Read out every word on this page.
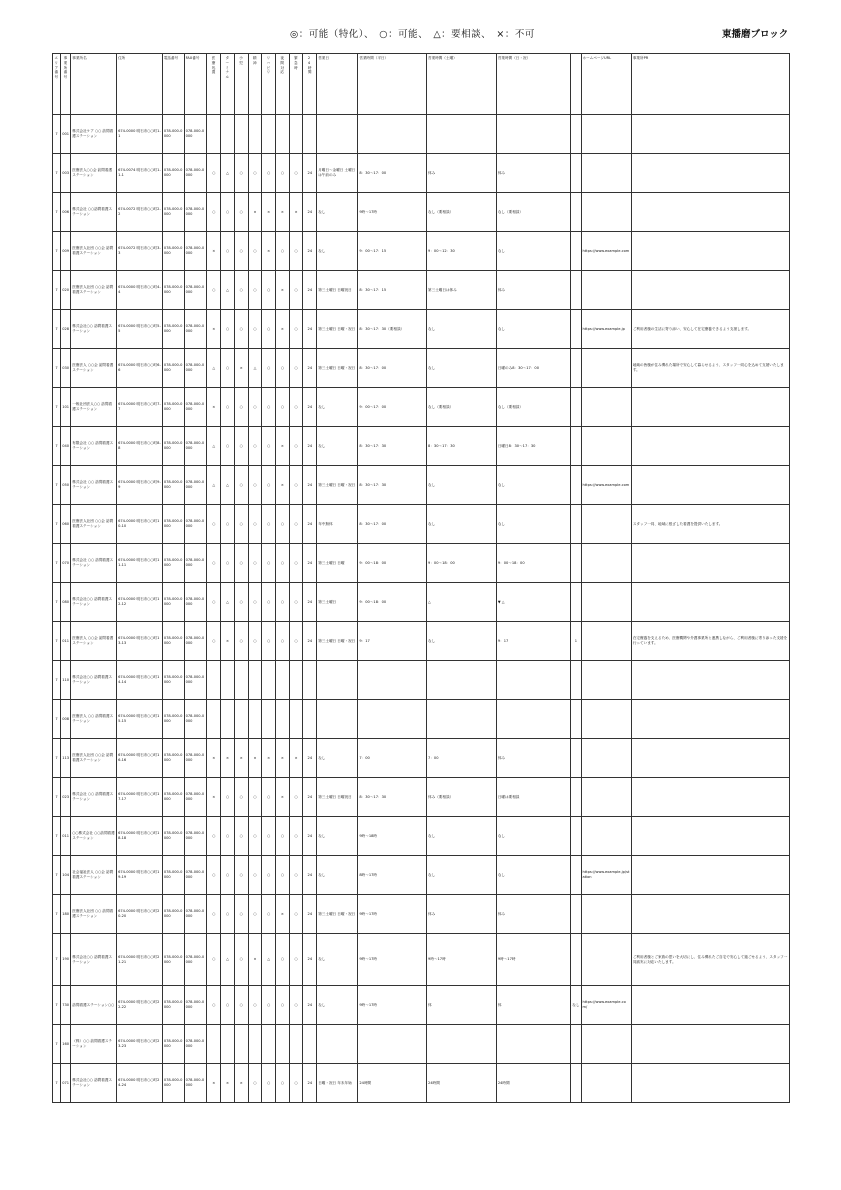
◎：可能（特化）、　○：可能、　△：要相談、　×：不可	東播磨ブロック
エリア番号	事業所番号	事業所名	住所	電話番号	FAX番号	医療処置	ターミナル	小児	精神	リハビリ	夜間対応	緊急時	24時間	営業日	営業時間（平日）	営業時間（土曜）	営業時間（日・祝）		ホームページURL	事業所PR
7	001	株式会社ケア ○○ 訪問看護ステーション	674-0000 明石市○○町1-1	078-000-0000	078-000-0000															
7	003	医療法人○○会 訪問看護ステーション	674-0074 明石市○○町1-1-1	078-000-0000	078-000-0000	○	△	○	○	○	○	○	24	月曜日～金曜日 土曜日は午前のみ	8：30～17：00	休み	休み			
7	006	株式会社 ○○訪問看護ステーション	674-0072 明石市○○町2-2	078-000-0000	078-000-0000	○	○	○	×	×	×	×	24	なし	9時～17時	なし（要相談）	なし（要相談）			
7	009	医療法人社団 ○○会 訪問看護ステーション	674-0072 明石市○○町3-3	078-000-0000	078-000-0000	×	○	○	○	×	○	○	24	なし	9：00～17：15	9：00～12：30	なし		https://www.example.com	
7	020	医療法人社団 ○○会 訪問看護ステーション	674-0000 明石市○○町4-4	078-000-0000	078-000-0000	○	△	○	○	○	×	○	24	第三土曜日 日曜祝日	8：30～17：15	第三土曜日は休み	休み			
7	028	株式会社○○ 訪問看護ステーション	674-0000 明石市○○町5-5	078-000-0000	078-000-0000	×	○	○	○	○	×	○	24	第三土曜日 日曜・祝日	8：30～17：30（要相談）	なし	なし		https://www.example.jp	ご利用者様の生活に寄り添い、安心して在宅療養できるよう支援します。
7	030	医療法人 ○○会 訪問看護ステーション	674-0000 明石市○○町6-6	078-000-0000	078-000-0000	△	○	×	△	○	○	○	24	第三土曜日 日曜・祝日	8：30～17：00	なし	日曜のみ8：30～17：00			地域の皆様が住み慣れた場所で安心して暮らせるよう、スタッフ一同心を込めて支援いたします。
7	101	一般社団法人○○ 訪問看護ステーション	674-0000 明石市○○町7-7	078-000-0000	078-000-0000	×	○	○	○	○	○	○	24	なし	9：00～17：00	なし（要相談）	なし（要相談）			
7	040	有限会社 ○○ 訪問看護ステーション	674-0000 明石市○○町8-8	078-000-0000	078-000-0000	△	○	○	○	○	×	○	24	なし	8：30～17：30	8：30～17：30	日曜日8：30～17：30			
7	050	株式会社 ○○ 訪問看護ステーション	674-0000 明石市○○町9-9	078-000-0000	078-000-0000	△	△	○	○	○	×	○	24	第三土曜日 日曜・祝日	8：30～17：30	なし	なし		https://www.example.com	
7	060	医療法人社団 ○○会 訪問看護ステーション	674-0000 明石市○○町10-10	078-000-0000	078-000-0000	○	○	○	○	○	○	○	24	年中無休	8：30～17：00	なし	なし			スタッフ一同、地域に根ざした看護を提供いたします。
7	070	株式会社 ○○ 訪問看護ステーション	674-0000 明石市○○町11-11	078-000-0000	078-000-0000	○	○	○	○	○	○	○	24	第三土曜日 日曜	9：00～18：00	9：00～18：00	9：00～18：00			
7	080	株式会社○○ 訪問看護ステーション	674-0000 明石市○○町12-12	078-000-0000	078-000-0000	○	△	○	○	○	○	○	24	第三土曜日	9：00～18：00	△	▼ △			
7	011	医療法人 ○○会 訪問看護ステーション	674-0000 明石市○○町13-13	078-000-0000	078-000-0000	○	×	○	○	○	○	○	24	第三土曜日 日曜・祝日	9：17	なし	9：17	1		在宅療養を支えるため、医療機関や介護事業所と連携しながら、ご利用者様に寄り添った支援を行っています。
7	110	株式会社○○ 訪問看護ステーション	674-0000 明石市○○町14-14	078-000-0000	078-000-0000															
7	008	医療法人 ○○ 訪問看護ステーション	674-0000 明石市○○町15-15	078-000-0000	078-000-0000															
7	113	医療法人社団 ○○会 訪問看護ステーション	674-0000 明石市○○町16-16	078-000-0000	078-000-0000	×	×	×	×	×	×	×	24	なし	7：00	7：00	休み			
7	023	株式会社 ○○ 訪問看護ステーション	674-0000 明石市○○町17-17	078-000-0000	078-000-0000	×	○	○	○	○	×	○	24	第三土曜日 日曜祝日	8：30～17：30	休み（要相談）	日曜は要相談			
7	011	○○株式会社 ○○訪問看護ステーション	674-0000 明石市○○町18-18	078-000-0000	078-000-0000	○	○	○	○	○	○	○	24	なし	9時～18時	なし	なし			
7	104	社会福祉法人 ○○会 訪問看護ステーション	674-0000 明石市○○町19-19	078-000-0000	078-000-0000	○	○	○	○	○	○	○	24	なし	8時～17時	なし	なし		https://www.example.jp/station	
7	180	医療法人社団 ○○ 訪問看護ステーション	674-0000 明石市○○町20-20	078-000-0000	078-000-0000	○	○	○	○	○	×	○	24	第三土曜日 日曜・祝日	9時～17時	休み	休み			
7	190	株式会社○○ 訪問看護ステーション	674-0000 明石市○○町21-21	078-000-0000	078-000-0000	○	△	○	×	△	○	○	24	なし	9時～17時	9時～17時	9時～17時			ご利用者様とご家族の思いを大切にし、住み慣れたご自宅で安心して過ごせるよう、スタッフ一同誠実に対応いたします。
7	730	訪問看護ステーション○○	674-0000 明石市○○町22-22	078-000-0000	078-000-0000	○	○	○	○	○	○	○	24	なし	9時～17時	休	休	なし	https://www.example.com/	
7	160	（株）○○ 訪問看護ステーション	674-0000 明石市○○町23-23	078-000-0000	078-000-0000															
7	071	株式会社○○ 訪問看護ステーション	674-0000 明石市○○町24-24	078-000-0000	078-000-0000	×	×	×	○	○	○	○	24	日曜・祝日 年末年始	24時間	24時間	24時間			
